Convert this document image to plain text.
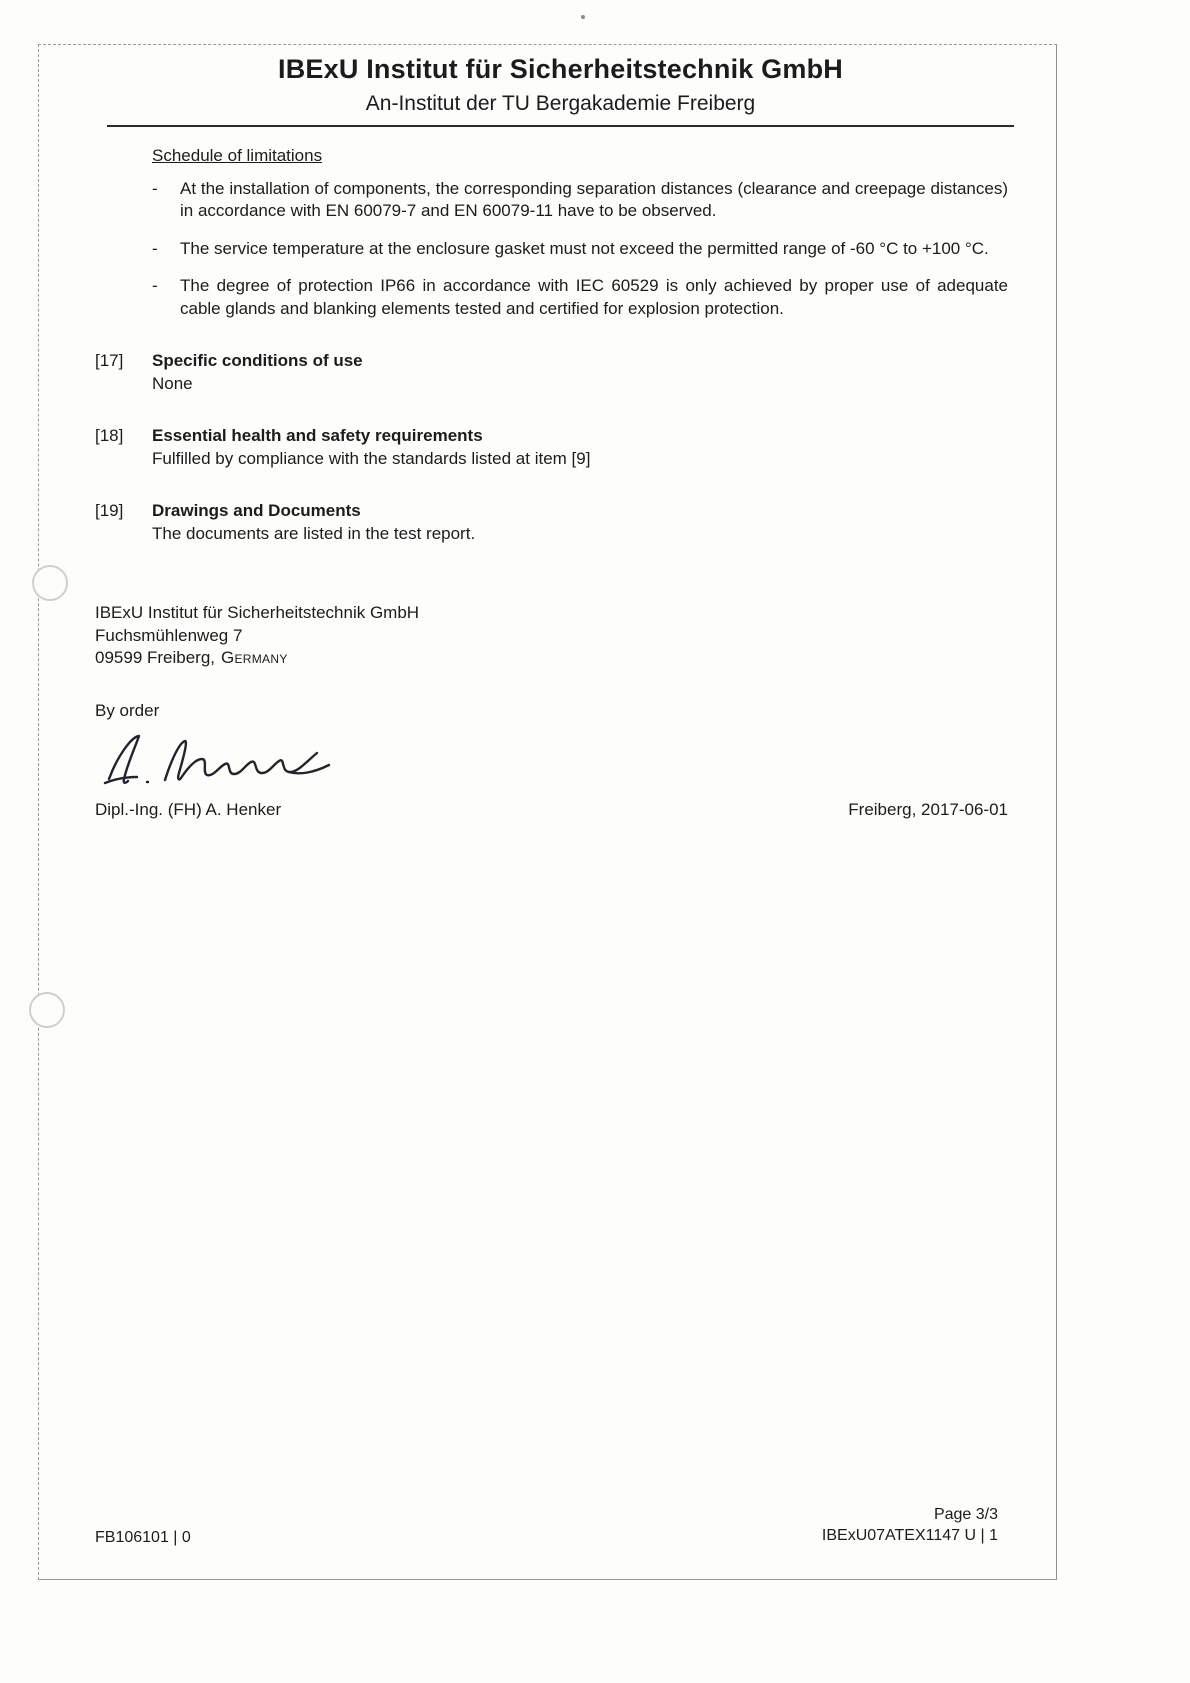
IBExU Institut für Sicherheitstechnik GmbH
An-Institut der TU Bergakademie Freiberg
Schedule of limitations
-	At the installation of components, the corresponding separation distances (clearance and creepage distances) in accordance with EN 60079-7 and EN 60079-11 have to be observed.
-	The service temperature at the enclosure gasket must not exceed the permitted range of -60 °C to +100 °C.
-	The degree of protection IP66 in accordance with IEC 60529 is only achieved by proper use of adequate cable glands and blanking elements tested and certified for explosion protection.
[17]	Specific conditions of use
None
[18]	Essential health and safety requirements
Fulfilled by compliance with the standards listed at item [9]
[19]	Drawings and Documents
The documents are listed in the test report.
IBExU Institut für Sicherheitstechnik GmbH
Fuchsmühlenweg 7
09599 Freiberg, Germany
By order
Dipl.-Ing. (FH) A. Henker	Freiberg, 2017-06-01
FB106101 | 0
Page 3/3
IBExU07ATEX1147 U | 1
